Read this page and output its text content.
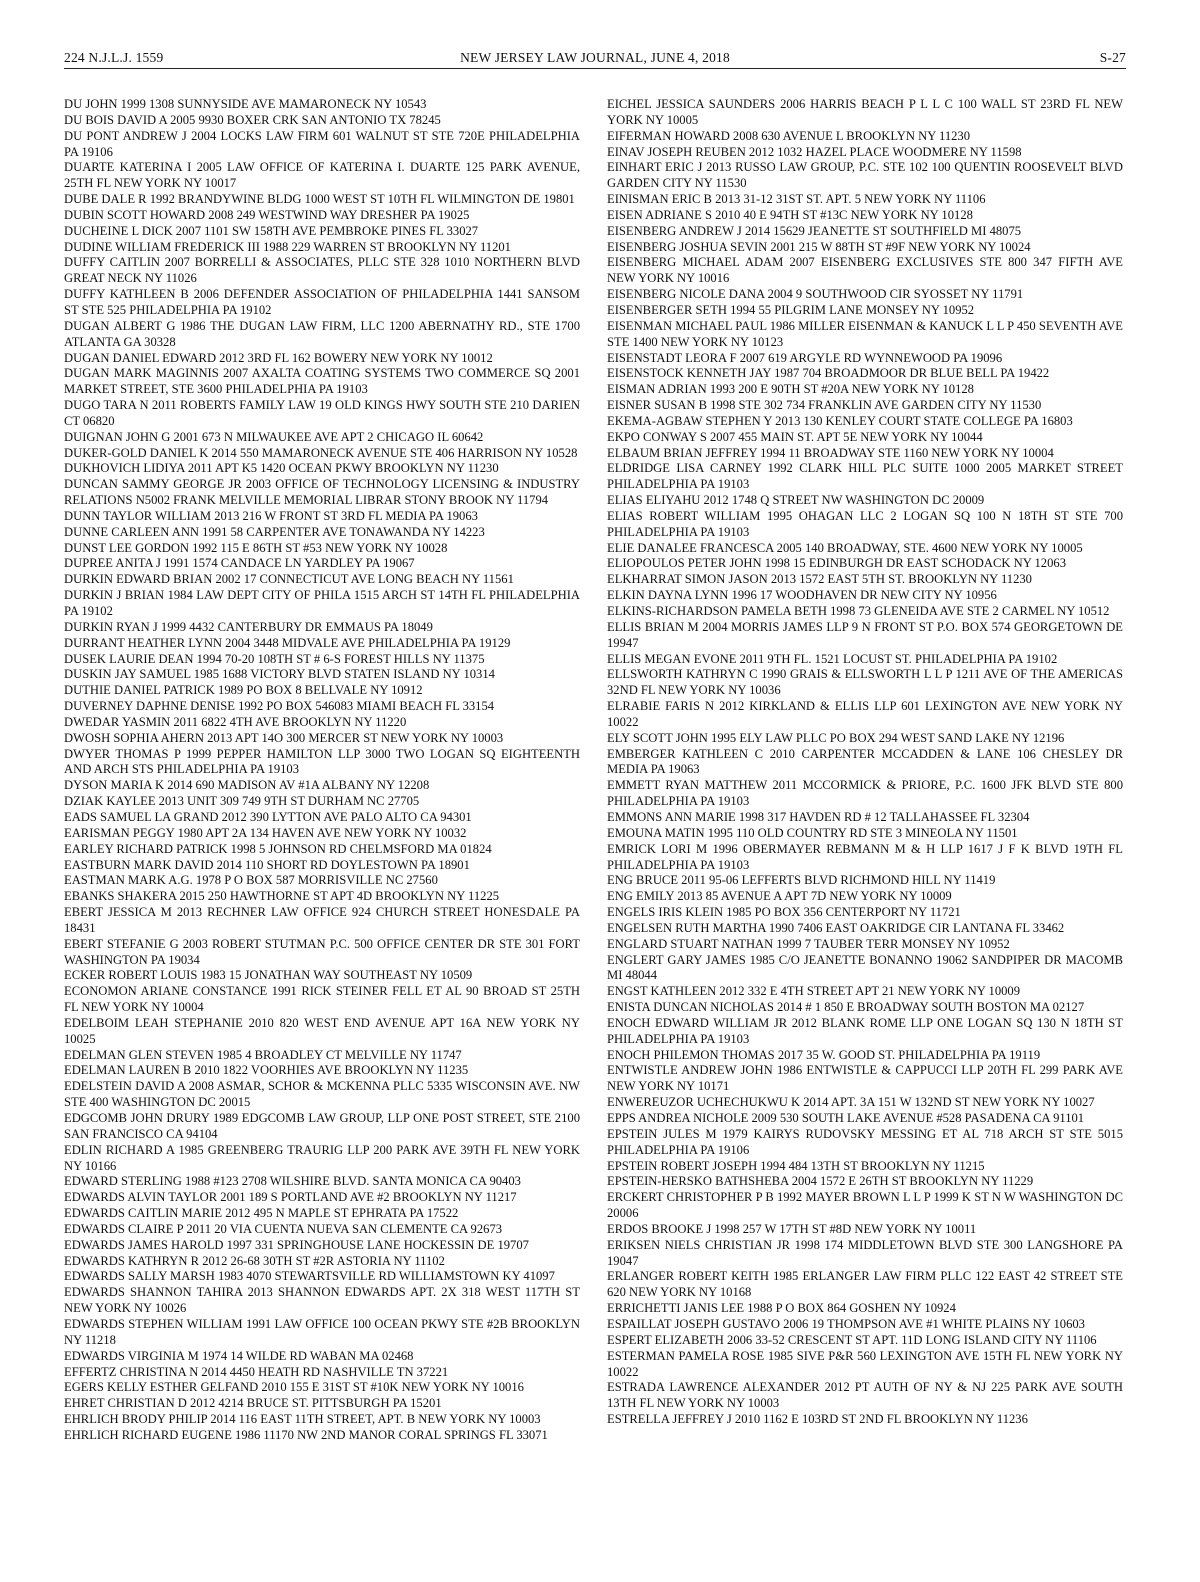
224 N.J.L.J. 1559	NEW JERSEY LAW JOURNAL, JUNE 4, 2018	S-27
DU JOHN 1999 1308 SUNNYSIDE AVE MAMARONECK NY 10543
DU BOIS DAVID A 2005 9930 BOXER CRK SAN ANTONIO TX 78245
DU PONT ANDREW J 2004 LOCKS LAW FIRM 601 WALNUT ST STE 720E PHILADELPHIA PA 19106
DUARTE KATERINA I 2005 LAW OFFICE OF KATERINA I. DUARTE 125 PARK AVENUE, 25TH FL NEW YORK NY 10017
DUBE DALE R 1992 BRANDYWINE BLDG 1000 WEST ST 10TH FL WILMINGTON DE 19801
DUBIN SCOTT HOWARD 2008 249 WESTWIND WAY DRESHER PA 19025
DUCHEINE L DICK 2007 1101 SW 158TH AVE PEMBROKE PINES FL 33027
DUDINE WILLIAM FREDERICK III 1988 229 WARREN ST BROOKLYN NY 11201
DUFFY CAITLIN 2007 BORRELLI & ASSOCIATES, PLLC STE 328 1010 NORTHERN BLVD GREAT NECK NY 11026
DUFFY KATHLEEN B 2006 DEFENDER ASSOCIATION OF PHILADELPHIA 1441 SANSOM ST STE 525 PHILADELPHIA PA 19102
DUGAN ALBERT G 1986 THE DUGAN LAW FIRM, LLC 1200 ABERNATHY RD., STE 1700 ATLANTA GA 30328
DUGAN DANIEL EDWARD 2012 3RD FL 162 BOWERY NEW YORK NY 10012
DUGAN MARK MAGINNIS 2007 AXALTA COATING SYSTEMS TWO COMMERCE SQ 2001 MARKET STREET, STE 3600 PHILADELPHIA PA 19103
DUGO TARA N 2011 ROBERTS FAMILY LAW 19 OLD KINGS HWY SOUTH STE 210 DARIEN CT 06820
DUIGNAN JOHN G 2001 673 N MILWAUKEE AVE APT 2 CHICAGO IL 60642
DUKER-GOLD DANIEL K 2014 550 MAMARONECK AVENUE STE 406 HARRISON NY 10528
DUKHOVICH LIDIYA 2011 APT K5 1420 OCEAN PKWY BROOKLYN NY 11230
DUNCAN SAMMY GEORGE JR 2003 OFFICE OF TECHNOLOGY LICENSING & INDUSTRY RELATIONS N5002 FRANK MELVILLE MEMORIAL LIBRAR STONY BROOK NY 11794
DUNN TAYLOR WILLIAM 2013 216 W FRONT ST 3RD FL MEDIA PA 19063
DUNNE CARLEEN ANN 1991 58 CARPENTER AVE TONAWANDA NY 14223
DUNST LEE GORDON 1992 115 E 86TH ST #53 NEW YORK NY 10028
DUPREE ANITA J 1991 1574 CANDACE LN YARDLEY PA 19067
DURKIN EDWARD BRIAN 2002 17 CONNECTICUT AVE LONG BEACH NY 11561
DURKIN J BRIAN 1984 LAW DEPT CITY OF PHILA 1515 ARCH ST 14TH FL PHILADELPHIA PA 19102
DURKIN RYAN J 1999 4432 CANTERBURY DR EMMAUS PA 18049
DURRANT HEATHER LYNN 2004 3448 MIDVALE AVE PHILADELPHIA PA 19129
DUSEK LAURIE DEAN 1994 70-20 108TH ST # 6-S FOREST HILLS NY 11375
DUSKIN JAY SAMUEL 1985 1688 VICTORY BLVD STATEN ISLAND NY 10314
DUTHIE DANIEL PATRICK 1989 PO BOX 8 BELLVALE NY 10912
DUVERNEY DAPHNE DENISE 1992 PO BOX 546083 MIAMI BEACH FL 33154
DWEDAR YASMIN 2011 6822 4TH AVE BROOKLYN NY 11220
DWOSH SOPHIA AHERN 2013 APT 14O 300 MERCER ST NEW YORK NY 10003
DWYER THOMAS P 1999 PEPPER HAMILTON LLP 3000 TWO LOGAN SQ EIGHTEENTH AND ARCH STS PHILADELPHIA PA 19103
DYSON MARIA K 2014 690 MADISON AV #1A ALBANY NY 12208
DZIAK KAYLEE 2013 UNIT 309 749 9TH ST DURHAM NC 27705
EADS SAMUEL LA GRAND 2012 390 LYTTON AVE PALO ALTO CA 94301
EARISMAN PEGGY 1980 APT 2A 134 HAVEN AVE NEW YORK NY 10032
EARLEY RICHARD PATRICK 1998 5 JOHNSON RD CHELMSFORD MA 01824
EASTBURN MARK DAVID 2014 110 SHORT RD DOYLESTOWN PA 18901
EASTMAN MARK A.G. 1978 P O BOX 587 MORRISVILLE NC 27560
EBANKS SHAKERA 2015 250 HAWTHORNE ST APT 4D BROOKLYN NY 11225
EBERT JESSICA M 2013 RECHNER LAW OFFICE 924 CHURCH STREET HONESDALE PA 18431
EBERT STEFANIE G 2003 ROBERT STUTMAN P.C. 500 OFFICE CENTER DR STE 301 FORT WASHINGTON PA 19034
ECKER ROBERT LOUIS 1983 15 JONATHAN WAY SOUTHEAST NY 10509
ECONOMON ARIANE CONSTANCE 1991 RICK STEINER FELL ET AL 90 BROAD ST 25TH FL NEW YORK NY 10004
EDELBOIM LEAH STEPHANIE 2010 820 WEST END AVENUE APT 16A NEW YORK NY 10025
EDELMAN GLEN STEVEN 1985 4 BROADLEY CT MELVILLE NY 11747
EDELMAN LAUREN B 2010 1822 VOORHIES AVE BROOKLYN NY 11235
EDELSTEIN DAVID A 2008 ASMAR, SCHOR & MCKENNA PLLC 5335 WISCONSIN AVE. NW STE 400 WASHINGTON DC 20015
EDGCOMB JOHN DRURY 1989 EDGCOMB LAW GROUP, LLP ONE POST STREET, STE 2100 SAN FRANCISCO CA 94104
EDLIN RICHARD A 1985 GREENBERG TRAURIG LLP 200 PARK AVE 39TH FL NEW YORK NY 10166
EDWARD STERLING 1988 #123 2708 WILSHIRE BLVD. SANTA MONICA CA 90403
EDWARDS ALVIN TAYLOR 2001 189 S PORTLAND AVE #2 BROOKLYN NY 11217
EDWARDS CAITLIN MARIE 2012 495 N MAPLE ST EPHRATA PA 17522
EDWARDS CLAIRE P 2011 20 VIA CUENTA NUEVA SAN CLEMENTE CA 92673
EDWARDS JAMES HAROLD 1997 331 SPRINGHOUSE LANE HOCKESSIN DE 19707
EDWARDS KATHRYN R 2012 26-68 30TH ST #2R ASTORIA NY 11102
EDWARDS SALLY MARSH 1983 4070 STEWARTSVILLE RD WILLIAMSTOWN KY 41097
EDWARDS SHANNON TAHIRA 2013 SHANNON EDWARDS APT. 2X 318 WEST 117TH ST NEW YORK NY 10026
EDWARDS STEPHEN WILLIAM 1991 LAW OFFICE 100 OCEAN PKWY STE #2B BROOKLYN NY 11218
EDWARDS VIRGINIA M 1974 14 WILDE RD WABAN MA 02468
EFFERTZ CHRISTINA N 2014 4450 HEATH RD NASHVILLE TN 37221
EGERS KELLY ESTHER GELFAND 2010 155 E 31ST ST #10K NEW YORK NY 10016
EHRET CHRISTIAN D 2012 4214 BRUCE ST. PITTSBURGH PA 15201
EHRLICH BRODY PHILIP 2014 116 EAST 11TH STREET, APT. B NEW YORK NY 10003
EHRLICH RICHARD EUGENE 1986 11170 NW 2ND MANOR CORAL SPRINGS FL 33071
EICHEL JESSICA SAUNDERS 2006 HARRIS BEACH P L L C 100 WALL ST 23RD FL NEW YORK NY 10005
EIFERMAN HOWARD 2008 630 AVENUE L BROOKLYN NY 11230
EINAV JOSEPH REUBEN 2012 1032 HAZEL PLACE WOODMERE NY 11598
EINHART ERIC J 2013 RUSSO LAW GROUP, P.C. STE 102 100 QUENTIN ROOSEVELT BLVD GARDEN CITY NY 11530
EINISMAN ERIC B 2013 31-12 31ST ST. APT. 5 NEW YORK NY 11106
EISEN ADRIANE S 2010 40 E 94TH ST #13C NEW YORK NY 10128
EISENBERG ANDREW J 2014 15629 JEANETTE ST SOUTHFIELD MI 48075
EISENBERG JOSHUA SEVIN 2001 215 W 88TH ST #9F NEW YORK NY 10024
EISENBERG MICHAEL ADAM 2007 EISENBERG EXCLUSIVES STE 800 347 FIFTH AVE NEW YORK NY 10016
EISENBERG NICOLE DANA 2004 9 SOUTHWOOD CIR SYOSSET NY 11791
EISENBERGER SETH 1994 55 PILGRIM LANE MONSEY NY 10952
EISENMAN MICHAEL PAUL 1986 MILLER EISENMAN & KANUCK L L P 450 SEVENTH AVE STE 1400 NEW YORK NY 10123
EISENSTADT LEORA F 2007 619 ARGYLE RD WYNNEWOOD PA 19096
EISENSTOCK KENNETH JAY 1987 704 BROADMOOR DR BLUE BELL PA 19422
EISMAN ADRIAN 1993 200 E 90TH ST #20A NEW YORK NY 10128
EISNER SUSAN B 1998 STE 302 734 FRANKLIN AVE GARDEN CITY NY 11530
EKEMA-AGBAW STEPHEN Y 2013 130 KENLEY COURT STATE COLLEGE PA 16803
EKPO CONWAY S 2007 455 MAIN ST. APT 5E NEW YORK NY 10044
ELBAUM BRIAN JEFFREY 1994 11 BROADWAY STE 1160 NEW YORK NY 10004
ELDRIDGE LISA CARNEY 1992 CLARK HILL PLC SUITE 1000 2005 MARKET STREET PHILADELPHIA PA 19103
ELIAS ELIYAHU 2012 1748 Q STREET NW WASHINGTON DC 20009
ELIAS ROBERT WILLIAM 1995 OHAGAN LLC 2 LOGAN SQ 100 N 18TH ST STE 700 PHILADELPHIA PA 19103
ELIE DANALEE FRANCESCA 2005 140 BROADWAY, STE. 4600 NEW YORK NY 10005
ELIOPOULOS PETER JOHN 1998 15 EDINBURGH DR EAST SCHODACK NY 12063
ELKHARRAT SIMON JASON 2013 1572 EAST 5TH ST. BROOKLYN NY 11230
ELKIN DAYNA LYNN 1996 17 WOODHAVEN DR NEW CITY NY 10956
ELKINS-RICHARDSON PAMELA BETH 1998 73 GLENEIDA AVE STE 2 CARMEL NY 10512
ELLIS BRIAN M 2004 MORRIS JAMES LLP 9 N FRONT ST P.O. BOX 574 GEORGETOWN DE 19947
ELLIS MEGAN EVONE 2011 9TH FL. 1521 LOCUST ST. PHILADELPHIA PA 19102
ELLSWORTH KATHRYN C 1990 GRAIS & ELLSWORTH L L P 1211 AVE OF THE AMERICAS 32ND FL NEW YORK NY 10036
ELRABIE FARIS N 2012 KIRKLAND & ELLIS LLP 601 LEXINGTON AVE NEW YORK NY 10022
ELY SCOTT JOHN 1995 ELY LAW PLLC PO BOX 294 WEST SAND LAKE NY 12196
EMBERGER KATHLEEN C 2010 CARPENTER MCCADDEN & LANE 106 CHESLEY DR MEDIA PA 19063
EMMETT RYAN MATTHEW 2011 MCCORMICK & PRIORE, P.C. 1600 JFK BLVD STE 800 PHILADELPHIA PA 19103
EMMONS ANN MARIE 1998 317 HAVDEN RD # 12 TALLAHASSEE FL 32304
EMOUNA MATIN 1995 110 OLD COUNTRY RD STE 3 MINEOLA NY 11501
EMRICK LORI M 1996 OBERMAYER REBMANN M & H LLP 1617 J F K BLVD 19TH FL PHILADELPHIA PA 19103
ENG BRUCE 2011 95-06 LEFFERTS BLVD RICHMOND HILL NY 11419
ENG EMILY 2013 85 AVENUE A APT 7D NEW YORK NY 10009
ENGELS IRIS KLEIN 1985 PO BOX 356 CENTERPORT NY 11721
ENGELSEN RUTH MARTHA 1990 7406 EAST OAKRIDGE CIR LANTANA FL 33462
ENGLARD STUART NATHAN 1999 7 TAUBER TERR MONSEY NY 10952
ENGLERT GARY JAMES 1985 C/O JEANETTE BONANNO 19062 SANDPIPER DR MACOMB MI 48044
ENGST KATHLEEN 2012 332 E 4TH STREET APT 21 NEW YORK NY 10009
ENISTA DUNCAN NICHOLAS 2014 # 1 850 E BROADWAY SOUTH BOSTON MA 02127
ENOCH EDWARD WILLIAM JR 2012 BLANK ROME LLP ONE LOGAN SQ 130 N 18TH ST PHILADELPHIA PA 19103
ENOCH PHILEMON THOMAS 2017 35 W. GOOD ST. PHILADELPHIA PA 19119
ENTWISTLE ANDREW JOHN 1986 ENTWISTLE & CAPPUCCI LLP 20TH FL 299 PARK AVE NEW YORK NY 10171
ENWEREUZOR UCHECHUKWU K 2014 APT. 3A 151 W 132ND ST NEW YORK NY 10027
EPPS ANDREA NICHOLE 2009 530 SOUTH LAKE AVENUE #528 PASADENA CA 91101
EPSTEIN JULES M 1979 KAIRYS RUDOVSKY MESSING ET AL 718 ARCH ST STE 5015 PHILADELPHIA PA 19106
EPSTEIN ROBERT JOSEPH 1994 484 13TH ST BROOKLYN NY 11215
EPSTEIN-HERSKO BATHSHEBA 2004 1572 E 26TH ST BROOKLYN NY 11229
ERCKERT CHRISTOPHER P B 1992 MAYER BROWN L L P 1999 K ST N W WASHINGTON DC 20006
ERDOS BROOKE J 1998 257 W 17TH ST #8D NEW YORK NY 10011
ERIKSEN NIELS CHRISTIAN JR 1998 174 MIDDLETOWN BLVD STE 300 LANGSHORE PA 19047
ERLANGER ROBERT KEITH 1985 ERLANGER LAW FIRM PLLC 122 EAST 42 STREET STE 620 NEW YORK NY 10168
ERRICHETTI JANIS LEE 1988 P O BOX 864 GOSHEN NY 10924
ESPAILLAT JOSEPH GUSTAVO 2006 19 THOMPSON AVE #1 WHITE PLAINS NY 10603
ESPERT ELIZABETH 2006 33-52 CRESCENT ST APT. 11D LONG ISLAND CITY NY 11106
ESTERMAN PAMELA ROSE 1985 SIVE P&R 560 LEXINGTON AVE 15TH FL NEW YORK NY 10022
ESTRADA LAWRENCE ALEXANDER 2012 PT AUTH OF NY & NJ 225 PARK AVE SOUTH 13TH FL NEW YORK NY 10003
ESTRELLA JEFFREY J 2010 1162 E 103RD ST 2ND FL BROOKLYN NY 11236
